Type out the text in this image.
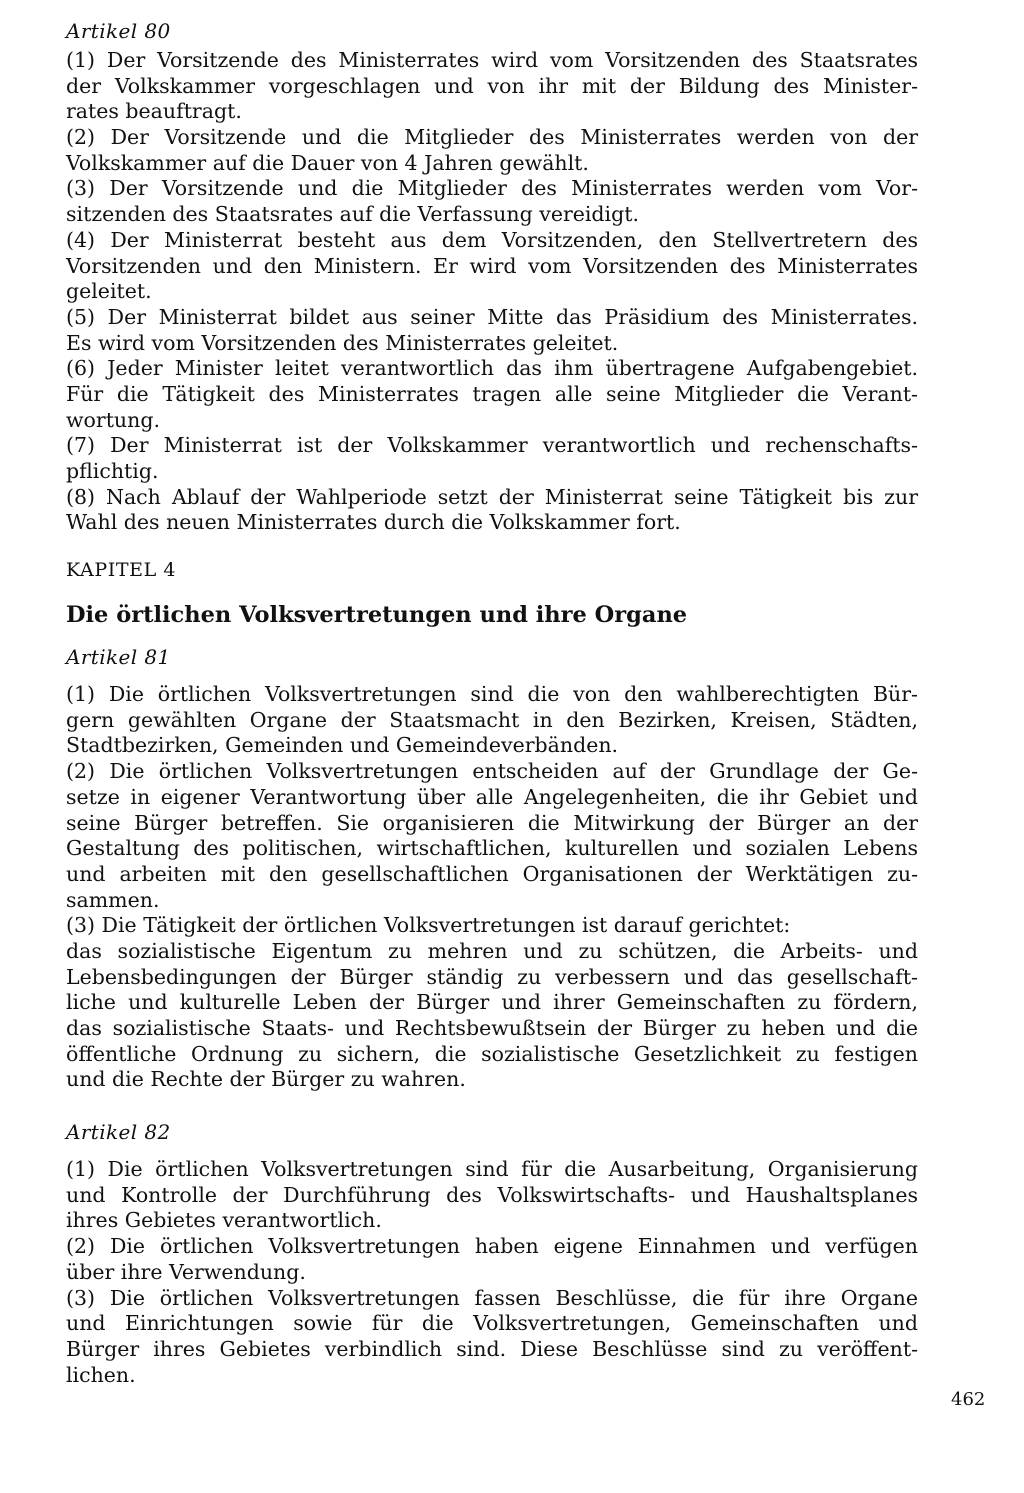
Artikel 80
(1) Der Vorsitzende des Ministerrates wird vom Vorsitzenden des Staatsrates
der Volkskammer vorgeschlagen und von ihr mit der Bildung des Minister-
rates beauftragt.
(2) Der Vorsitzende und die Mitglieder des Ministerrates werden von der
Volkskammer auf die Dauer von 4 Jahren gewählt.
(3) Der Vorsitzende und die Mitglieder des Ministerrates werden vom Vor-
sitzenden des Staatsrates auf die Verfassung vereidigt.
(4) Der Ministerrat besteht aus dem Vorsitzenden, den Stellvertretern des
Vorsitzenden und den Ministern. Er wird vom Vorsitzenden des Ministerrates
geleitet.
(5) Der Ministerrat bildet aus seiner Mitte das Präsidium des Ministerrates.
Es wird vom Vorsitzenden des Ministerrates geleitet.
(6) Jeder Minister leitet verantwortlich das ihm übertragene Aufgabengebiet.
Für die Tätigkeit des Ministerrates tragen alle seine Mitglieder die Verant-
wortung.
(7) Der Ministerrat ist der Volkskammer verantwortlich und rechenschafts-
pflichtig.
(8) Nach Ablauf der Wahlperiode setzt der Ministerrat seine Tätigkeit bis zur
Wahl des neuen Ministerrates durch die Volkskammer fort.
KAPITEL 4
Die örtlichen Volksvertretungen und ihre Organe
Artikel 81
(1) Die örtlichen Volksvertretungen sind die von den wahlberechtigten Bür-
gern gewählten Organe der Staatsmacht in den Bezirken, Kreisen, Städten,
Stadtbezirken, Gemeinden und Gemeindeverbänden.
(2) Die örtlichen Volksvertretungen entscheiden auf der Grundlage der Ge-
setze in eigener Verantwortung über alle Angelegenheiten, die ihr Gebiet und
seine Bürger betreffen. Sie organisieren die Mitwirkung der Bürger an der
Gestaltung des politischen, wirtschaftlichen, kulturellen und sozialen Lebens
und arbeiten mit den gesellschaftlichen Organisationen der Werktätigen zu-
sammen.
(3) Die Tätigkeit der örtlichen Volksvertretungen ist darauf gerichtet:
das sozialistische Eigentum zu mehren und zu schützen, die Arbeits- und
Lebensbedingungen der Bürger ständig zu verbessern und das gesellschaft-
liche und kulturelle Leben der Bürger und ihrer Gemeinschaften zu fördern,
das sozialistische Staats- und Rechtsbewußtsein der Bürger zu heben und die
öffentliche Ordnung zu sichern, die sozialistische Gesetzlichkeit zu festigen
und die Rechte der Bürger zu wahren.
Artikel 82
(1) Die örtlichen Volksvertretungen sind für die Ausarbeitung, Organisierung
und Kontrolle der Durchführung des Volkswirtschafts- und Haushaltsplanes
ihres Gebietes verantwortlich.
(2) Die örtlichen Volksvertretungen haben eigene Einnahmen und verfügen
über ihre Verwendung.
(3) Die örtlichen Volksvertretungen fassen Beschlüsse, die für ihre Organe
und Einrichtungen sowie für die Volksvertretungen, Gemeinschaften und
Bürger ihres Gebietes verbindlich sind. Diese Beschlüsse sind zu veröffent-
lichen.
462
